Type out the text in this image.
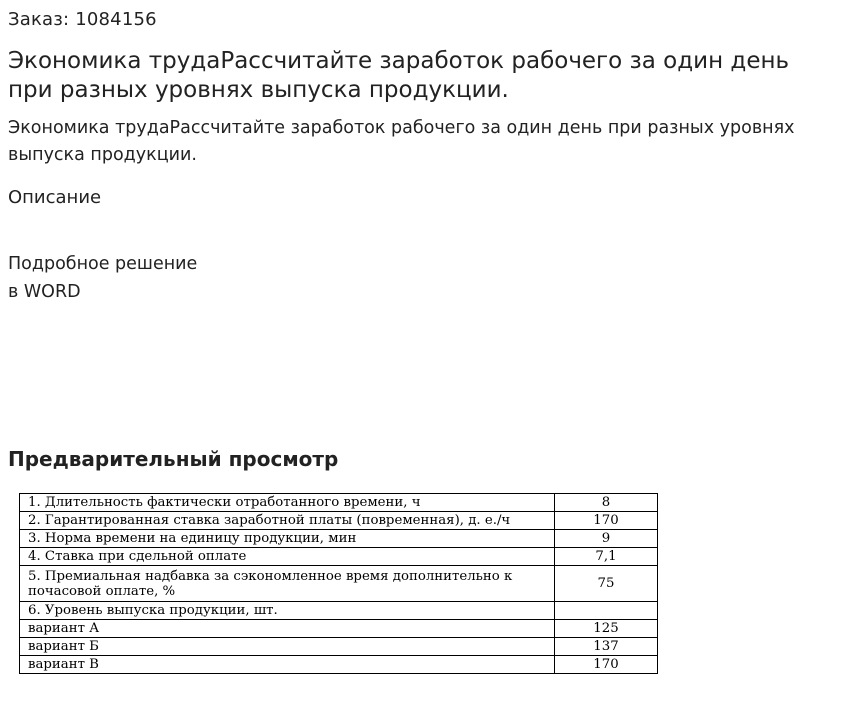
Заказ: 1084156
Экономика трудаРассчитайте заработок рабочего за один день при разных уровнях выпуска продукции.

Экономика трудаРассчитайте заработок рабочего за один день при разных уровнях выпуска продукции.

Описание
Подробное решение
в WORD
Предварительный просмотр
1. Длительность фактически отработанного времени, ч	8
2. Гарантированная ставка заработной платы (повременная), д. е./ч	170
3. Норма времени на единицу продукции, мин	9
4. Ставка при сдельной оплате	7,1
5. Премиальная надбавка за сэкономленное время дополнительно к почасовой оплате, %	75
6. Уровень выпуска продукции, шт.	
вариант А	125
вариант Б	137
вариант В	170
